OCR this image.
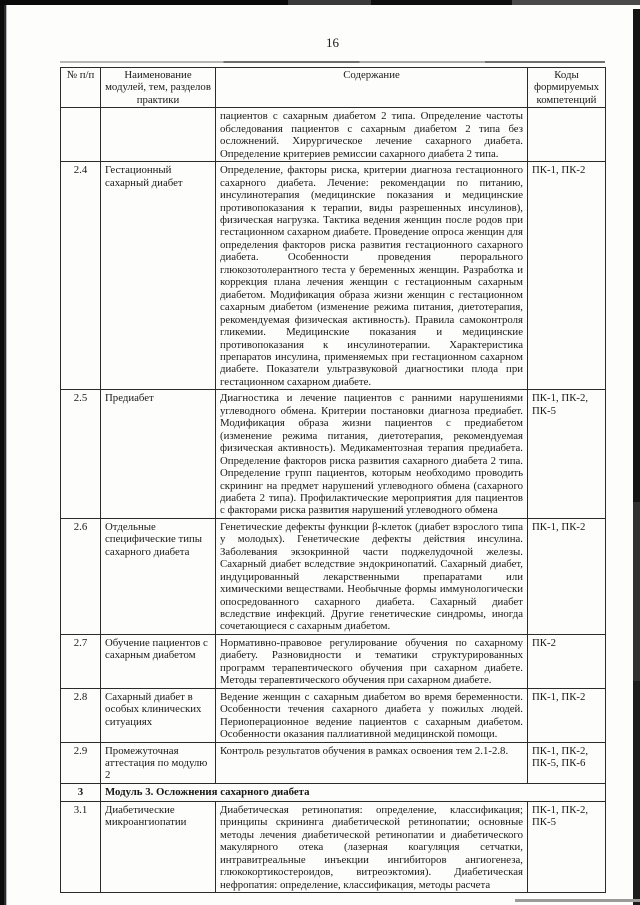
16
№ п/п	Наименование модулей, тем, разделов практики	Содержание	Коды формируемых компетенций
		пациентов с сахарным диабетом 2 типа. Определение частоты обследования пациентов с сахарным диабетом 2 типа без осложнений. Хирургическое лечение сахарного диабета. Определение критериев ремиссии сахарного диабета 2 типа.	
2.4	Гестационный сахарный диабет	Определение, факторы риска, критерии диагноза гестационного сахарного диабета. Лечение: рекомендации по питанию, инсулинотерапия (медицинские показания и медицинские противопоказания к терапии, виды разрешенных инсулинов), физическая нагрузка. Тактика ведения женщин после родов при гестационном сахарном диабете. Проведение опроса женщин для определения факторов риска развития гестационного сахарного диабета. Особенности проведения перорального глюкозотолерантного теста у беременных женщин. Разработка и коррекция плана лечения женщин с гестационным сахарным диабетом. Модификация образа жизни женщин с гестационном сахарным диабетом (изменение режима питания, диетотерапия, рекомендуемая физическая активность). Правила самоконтроля гликемии. Медицинские показания и медицинские противопоказания к инсулинотерапии. Характеристика препаратов инсулина, применяемых при гестационном сахарном диабете. Показатели ультразвуковой диагностики плода при гестационном сахарном диабете.	ПК-1, ПК-2
2.5	Предиабет	Диагностика и лечение пациентов с ранними нарушениями углеводного обмена. Критерии постановки диагноза предиабет. Модификация образа жизни пациентов с предиабетом (изменение режима питания, диетотерапия, рекомендуемая физическая активность). Медикаментозная терапия предиабета. Определение факторов риска развития сахарного диабета 2 типа. Определение групп пациентов, которым необходимо проводить скрининг на предмет нарушений углеводного обмена (сахарного диабета 2 типа). Профилактические мероприятия для пациентов с факторами риска развития нарушений углеводного обмена	ПК-1, ПК-2, ПК-5
2.6	Отдельные специфические типы сахарного диабета	Генетические дефекты функции β-клеток (диабет взрослого типа у молодых). Генетические дефекты действия инсулина. Заболевания экзокринной части поджелудочной железы. Сахарный диабет вследствие эндокринопатий. Сахарный диабет, индуцированный лекарственными препаратами или химическими веществами. Необычные формы иммунологически опосредованного сахарного диабета. Сахарный диабет вследствие инфекций. Другие генетические синдромы, иногда сочетающиеся с сахарным диабетом.	ПК-1, ПК-2
2.7	Обучение пациентов с сахарным диабетом	Нормативно-правовое регулирование обучения по сахарному диабету. Разновидности и тематики структурированных программ терапевтического обучения при сахарном диабете. Методы терапевтического обучения при сахарном диабете.	ПК-2
2.8	Сахарный диабет в особых клинических ситуациях	Ведение женщин с сахарным диабетом во время беременности. Особенности течения сахарного диабета у пожилых людей. Периоперационное ведение пациентов с сахарным диабетом. Особенности оказания паллиативной медицинской помощи.	ПК-1, ПК-2
2.9	Промежуточная аттестация по модулю 2	Контроль результатов обучения в рамках освоения тем 2.1-2.8.	ПК-1, ПК-2, ПК-5, ПК-6
3	Модуль 3. Осложнения сахарного диабета		
3.1	Диабетические микроангиопатии	Диабетическая ретинопатия: определение, классификация; принципы скрининга диабетической ретинопатии; основные методы лечения диабетической ретинопатии и диабетического макулярного отека (лазерная коагуляция сетчатки, интравитреальные инъекции ингибиторов ангиогенеза, глюкокортикостероидов, витреоэктомия). Диабетическая нефропатия: определение, классификация, методы расчета	ПК-1, ПК-2, ПК-5
